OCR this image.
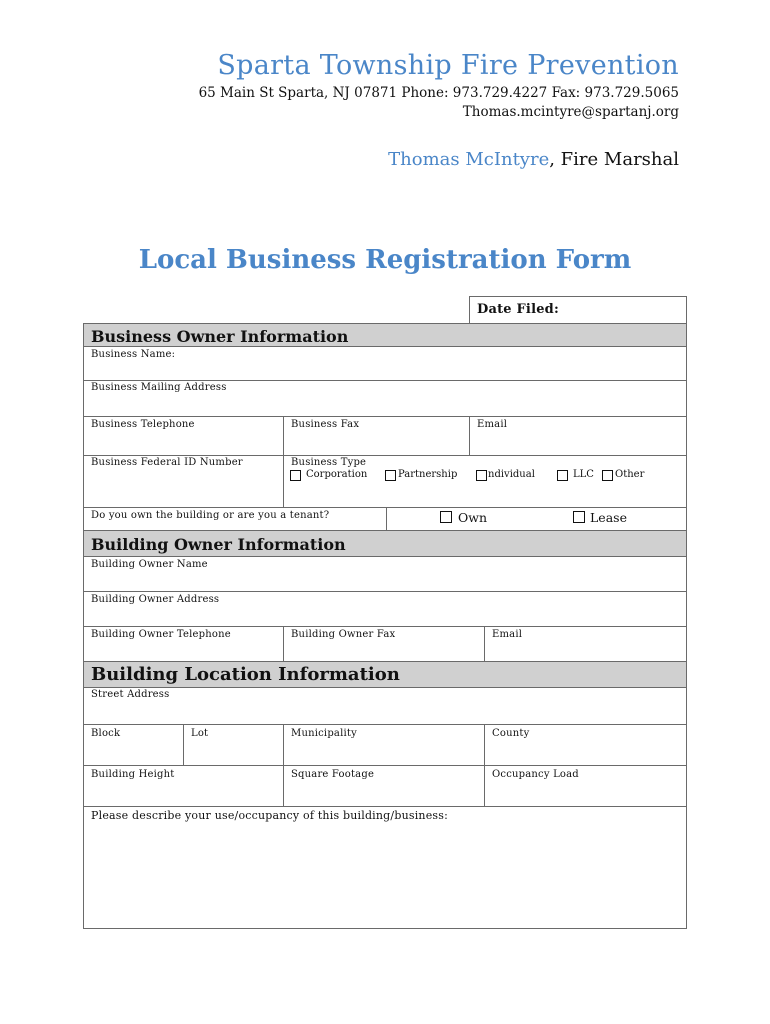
Sparta Township Fire Prevention
65 Main St Sparta, NJ 07871 Phone: 973.729.4227 Fax: 973.729.5065
Thomas.mcintyre@spartanj.org
Thomas McIntyre, Fire Marshal
Local Business Registration Form
Date Filed:
Business Owner Information
Business Name:
Business Mailing Address
Business Telephone	Business Fax	Email
Business Federal ID Number	Business Type
Corporation	Partnership	ndividual	LLC Other
Do you own the building or are you a tenant?	Own	Lease
Building Owner Information
Building Owner Name
Building Owner Address
Building Owner Telephone	Building Owner Fax	Email
Building Location Information
Street Address
Block	Lot	Municipality	County
Building Height	Square Footage	Occupancy Load
Please describe your use/occupancy of this building/business:
